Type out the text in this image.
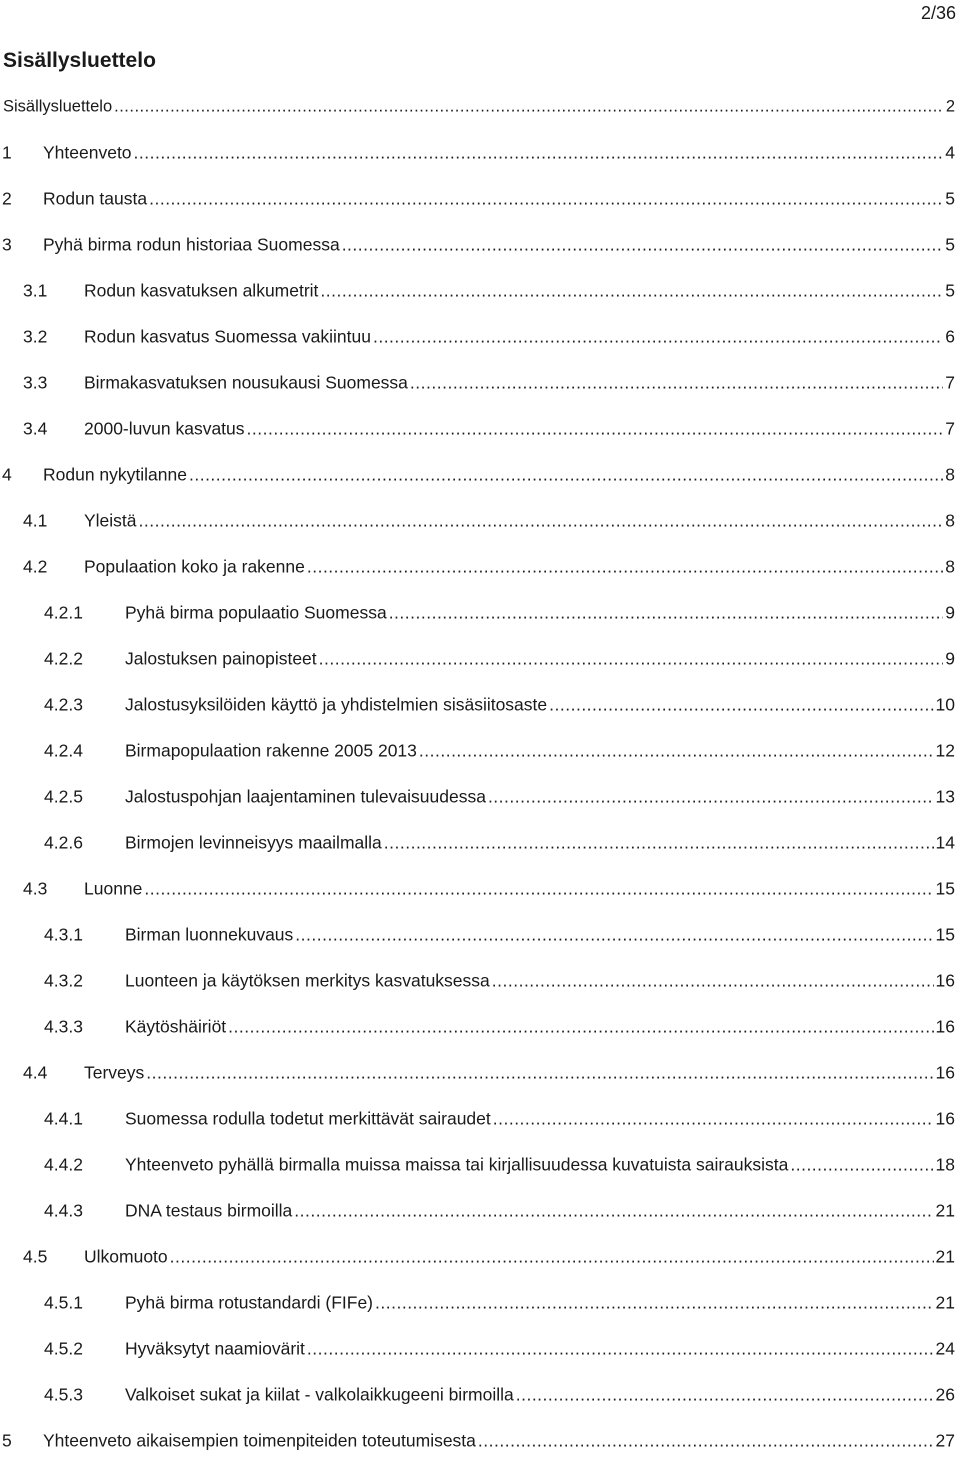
2/36
Sisällysluettelo
Sisällysluettelo .....	2
1	Yhteenveto .....	4
2	Rodun tausta .....	5
3	Pyhä birma rodun historiaa Suomessa .....	5
3.1	Rodun kasvatuksen alkumetrit .....	5
3.2	Rodun kasvatus Suomessa vakiintuu .....	6
3.3	Birmakasvatuksen nousukausi Suomessa .....	7
3.4	2000-luvun kasvatus .....	7
4	Rodun nykytilanne .....	8
4.1	Yleistä .....	8
4.2	Populaation koko ja rakenne .....	8
4.2.1	Pyhä birma populaatio Suomessa .....	9
4.2.2	Jalostuksen painopisteet .....	9
4.2.3	Jalostusyksilöiden käyttö ja yhdistelmien sisäsiitosaste .....	10
4.2.4	Birmapopulaation rakenne 2005 2013 .....	12
4.2.5	Jalostuspohjan laajentaminen tulevaisuudessa .....	13
4.2.6	Birmojen levinneisyys maailmalla .....	14
4.3	Luonne .....	15
4.3.1	Birman luonnekuvaus .....	15
4.3.2	Luonteen ja käytöksen merkitys kasvatuksessa .....	16
4.3.3	Käytöshäiriöt .....	16
4.4	Terveys .....	16
4.4.1	Suomessa rodulla todetut merkittävät sairaudet .....	16
4.4.2	Yhteenveto pyhällä birmalla muissa maissa tai kirjallisuudessa kuvatuista sairauksista .....	18
4.4.3	DNA testaus birmoilla .....	21
4.5	Ulkomuoto .....	21
4.5.1	Pyhä birma rotustandardi (FIFe) .....	21
4.5.2	Hyväksytyt naamiovärit .....	24
4.5.3	Valkoiset sukat ja kiilat - valkolaikkugeeni birmoilla .....	26
5	Yhteenveto aikaisempien toimenpiteiden toteutumisesta .....	27
